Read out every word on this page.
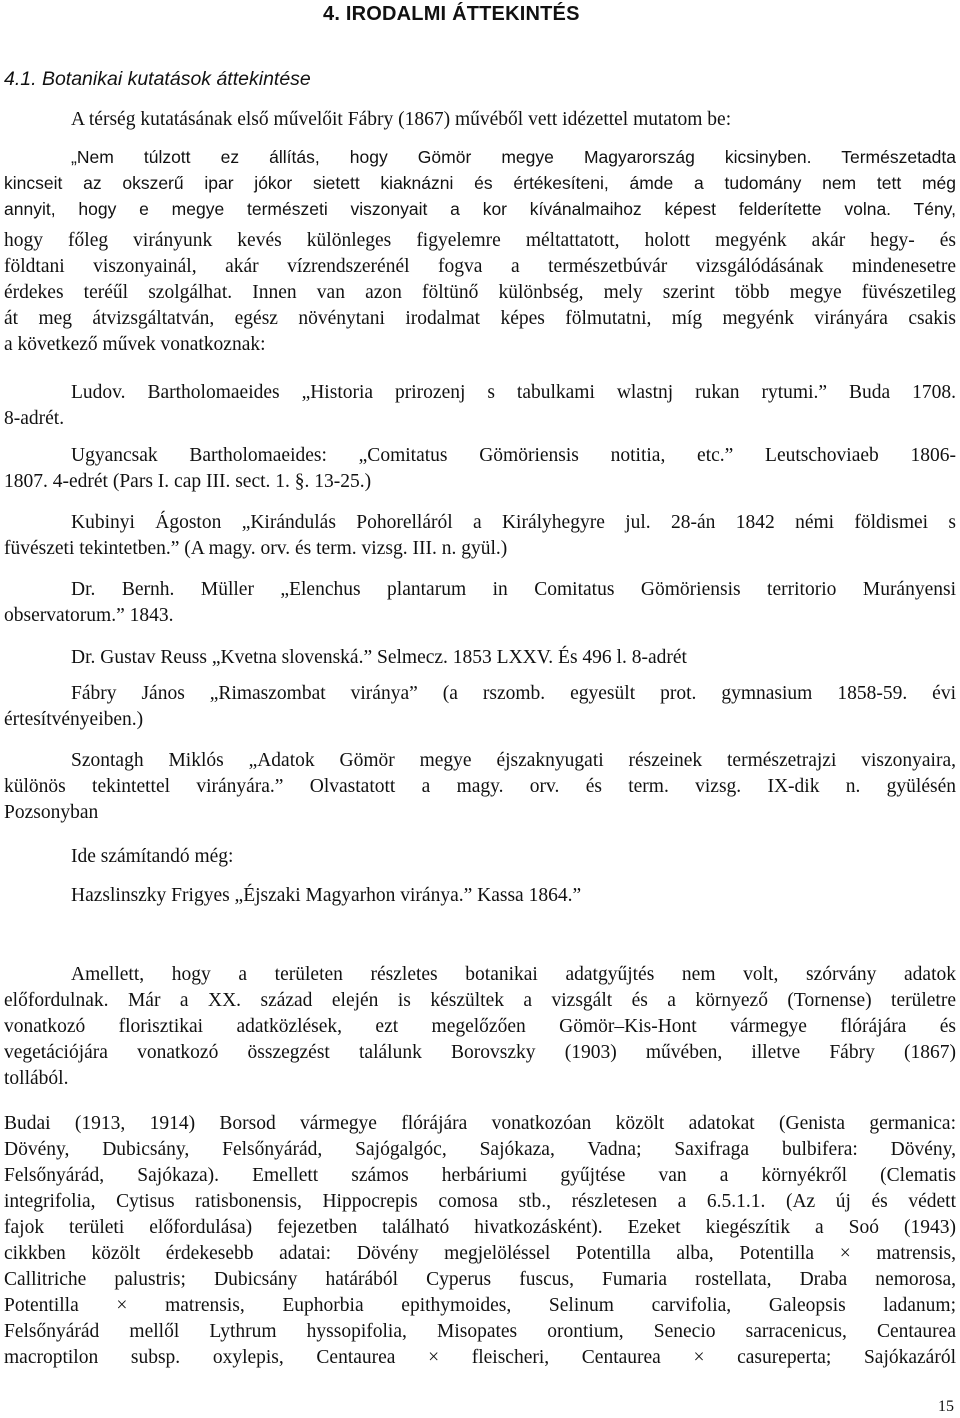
4. IRODALMI ÁTTEKINTÉS
4.1. Botanikai kutatások áttekintése
A térség kutatásának első művelőit Fábry (1867) művéből vett idézettel mutatom be:
„Nem túlzott ez állítás, hogy Gömör megye Magyarország kicsinyben. Természetadta
kincseit az okszerű ipar jókor sietett kiaknázni és értékesíteni, ámde a tudomány nem tett még
annyit, hogy e megye természeti viszonyait a kor kívánalmaihoz képest felderítette volna. Tény,
hogy főleg virányunk kevés különleges figyelemre méltattatott, holott megyénk akár hegy- és
földtani viszonyainál, akár vízrendszerénél fogva a természetbúvár vizsgálódásának mindenesetre
érdekes teréűl szolgálhat. Innen van azon föltünő különbség, mely szerint több megye füvészetileg
át meg átvizsgáltatván, egész növénytani irodalmat képes fölmutatni, míg megyénk virányára csakis
a következő művek vonatkoznak:
Ludov. Bartholomaeides „Historia prirozenj s tabulkami wlastnj rukan rytumi.” Buda 1708.
8-adrét.
Ugyancsak Bartholomaeides: „Comitatus Gömöriensis notitia, etc.” Leutschoviaeb 1806-
1807. 4-edrét (Pars I. cap III. sect. 1. §. 13-25.)
Kubinyi Ágoston „Kirándulás Pohorelláról a Királyhegyre jul. 28-án 1842 némi földismei s
füvészeti tekintetben.” (A magy. orv. és term. vizsg. III. n. gyül.)
Dr. Bernh. Müller „Elenchus plantarum in Comitatus Gömöriensis territorio Murányensi
observatorum.” 1843.
Dr. Gustav Reuss „Kvetna slovenská.” Selmecz. 1853 LXXV. És 496 l. 8-adrét
Fábry János „Rimaszombat viránya” (a rszomb. egyesült prot. gymnasium 1858-59. évi
értesítvényeiben.)
Szontagh Miklós „Adatok Gömör megye éjszaknyugati részeinek természetrajzi viszonyaira,
különös tekintettel virányára.” Olvastatott a magy. orv. és term. vizsg. IX-dik n. gyülésén
Pozsonyban
Ide számítandó még:
Hazslinszky Frigyes „Éjszaki Magyarhon viránya.” Kassa 1864.”
Amellett, hogy a területen részletes botanikai adatgyűjtés nem volt, szórvány adatok
előfordulnak. Már a XX. század elején is készültek a vizsgált és a környező (Tornense) területre
vonatkozó florisztikai adatközlések, ezt megelőzően Gömör–Kis-Hont vármegye flórájára és
vegetációjára vonatkozó összegzést találunk Borovszky (1903) művében, illetve Fábry (1867)
tollából.
Budai (1913, 1914) Borsod vármegye flórájára vonatkozóan közölt adatokat (Genista germanica:
Dövény, Dubicsány, Felsőnyárád, Sajógalgóc, Sajókaza, Vadna; Saxifraga bulbifera: Dövény,
Felsőnyárád, Sajókaza). Emellett számos herbáriumi gyűjtése van a környékről (Clematis
integrifolia, Cytisus ratisbonensis, Hippocrepis comosa stb., részletesen a 6.5.1.1. (Az új és védett
fajok területi előfordulása) fejezetben található hivatkozásként). Ezeket kiegészítik a Soó (1943)
cikkben közölt érdekesebb adatai: Dövény megjelöléssel Potentilla alba, Potentilla × matrensis,
Callitriche palustris; Dubicsány határából Cyperus fuscus, Fumaria rostellata, Draba nemorosa,
Potentilla × matrensis, Euphorbia epithymoides, Selinum carvifolia, Galeopsis ladanum;
Felsőnyárád mellől Lythrum hyssopifolia, Misopates orontium, Senecio sarracenicus, Centaurea
macroptilon subsp. oxylepis, Centaurea × fleischeri, Centaurea × casureperta; Sajókazáról
15
